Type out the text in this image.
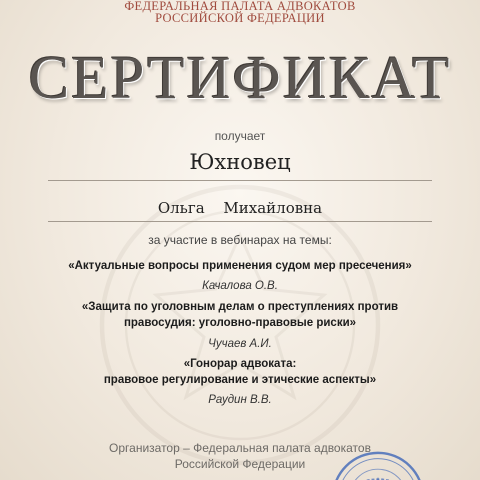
ФЕДЕРАЛЬНАЯ ПАЛАТА АДВОКАТОВ
РОССИЙСКОЙ ФЕДЕРАЦИИ
СЕРТИФИКАТ
получает
Юхновец
Ольга Михайловна
за участие в вебинарах на темы:
«Актуальные вопросы применения судом мер пресечения»
Качалова О.В.
«Защита по уголовным делам о преступлениях против
правосудия: уголовно-правовые риски»
Чучаев А.И.
«Гонорар адвоката:
правовое регулирование и этические аспекты»
Раудин В.В.
Организатор – Федеральная палата адвокатов
Российской Федерации
